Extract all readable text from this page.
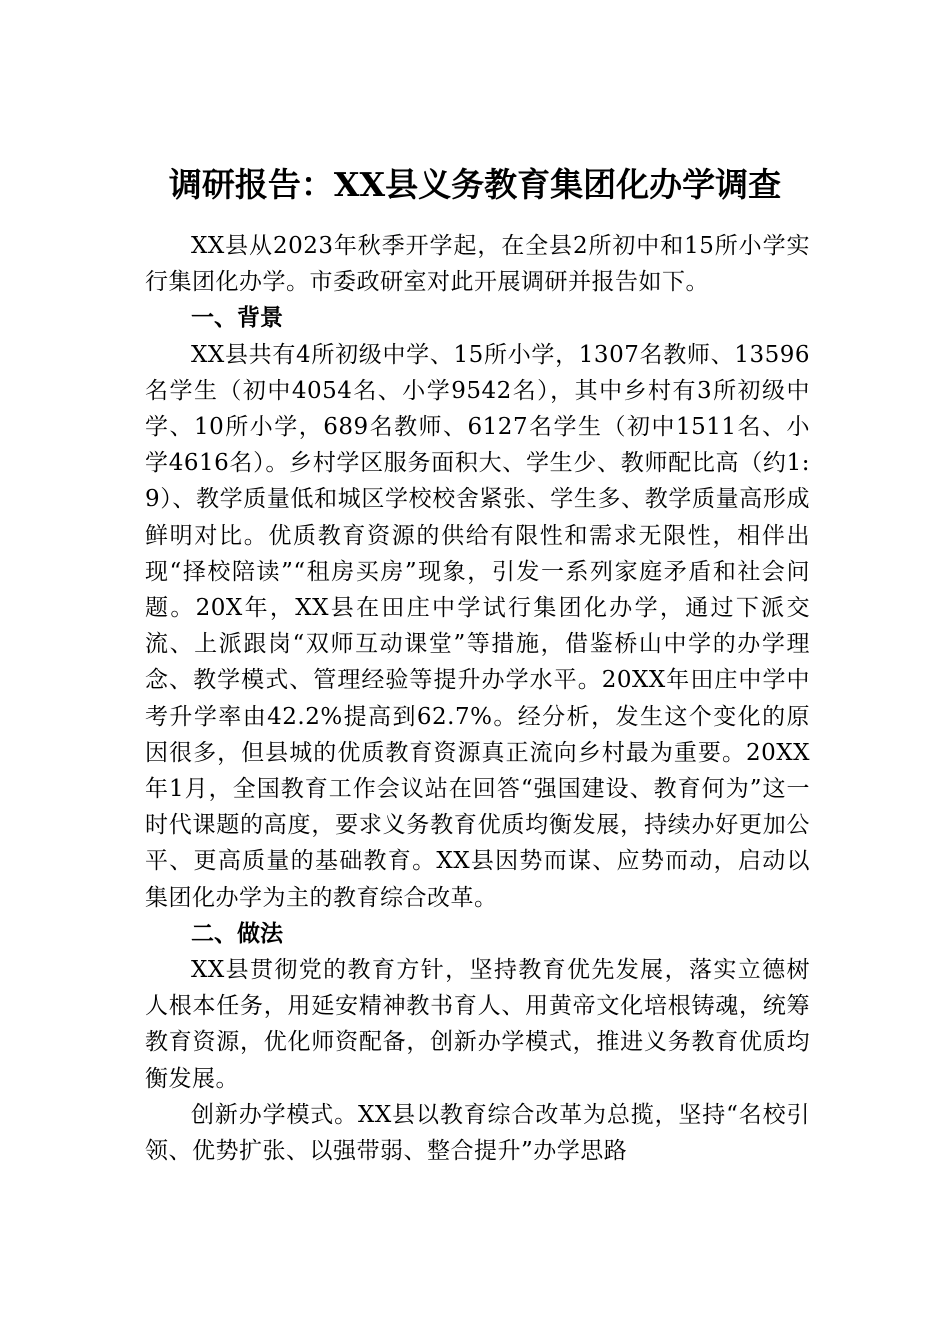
调研报告：XX县义务教育集团化办学调查

XX县从2023年秋季开学起，在全县2所初中和15所小学实行集团化办学。市委政研室对此开展调研并报告如下。

一、背景

XX县共有4所初级中学、15所小学，1307名教师、13596名学生（初中4054名、小学9542名），其中乡村有3所初级中学、10所小学，689名教师、6127名学生（初中1511名、小学4616名）。乡村学区服务面积大、学生少、教师配比高（约1:9）、教学质量低和城区学校校舍紧张、学生多、教学质量高形成鲜明对比。优质教育资源的供给有限性和需求无限性，相伴出现“择校陪读”“租房买房”现象，引发一系列家庭矛盾和社会问题。20X年，XX县在田庄中学试行集团化办学，通过下派交流、上派跟岗“双师互动课堂”等措施，借鉴桥山中学的办学理念、教学模式、管理经验等提升办学水平。20XX年田庄中学中考升学率由42.2%提高到62.7%。经分析，发生这个变化的原因很多，但县城的优质教育资源真正流向乡村最为重要。20XX年1月，全国教育工作会议站在回答“强国建设、教育何为”这一时代课题的高度，要求义务教育优质均衡发展，持续办好更加公平、更高质量的基础教育。XX县因势而谋、应势而动，启动以集团化办学为主的教育综合改革。

二、做法

XX县贯彻党的教育方针，坚持教育优先发展，落实立德树人根本任务，用延安精神教书育人、用黄帝文化培根铸魂，统筹教育资源，优化师资配备，创新办学模式，推进义务教育优质均衡发展。

创新办学模式。XX县以教育综合改革为总揽，坚持“名校引领、优势扩张、以强带弱、整合提升”办学思路
